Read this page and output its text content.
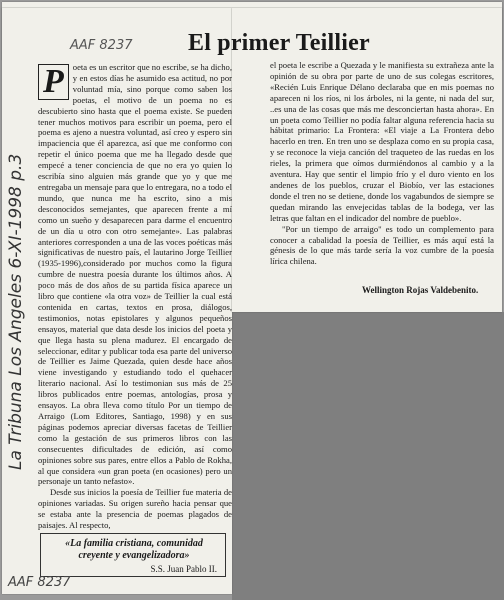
AAF 8237 El primer Teillier
P	oeta es un escritor que no escribe, se ha dicho, y en estos días he asumido esa actitud, no por voluntad mía, sino porque como saben los poetas, el motivo de un poema no es descubierto sino hasta que el poema existe. Se pueden tener muchos motivos para escribir un poema, pero el poema es ajeno a nuestra voluntad, así creo y espero sin impaciencia que él aparezca, así que me conformo con repetir el único poema que me ha llegado desde que empecé a tener conciencia de que no era yo quien lo escribía sino alguien más grande que yo y que me entregaba un mensaje para que lo entregara, no a todo el mundo, que nunca me ha escrito, sino a mis desconocidos semejantes, que aparecen frente a mí como un sueño y desaparecen para darme el encuentro de un día u otro con otro semejante». Las palabras anteriores corresponden a una de las voces poéticas más significativas de nuestro país, el lautarino Jorge Teillier (1935-1996),considerado por muchos como la figura cumbre de nuestra poesía durante los últimos años. A poco más de dos años de su partida física aparece un libro que contiene «la otra voz» de Teillier la cual está contenida en cartas, textos en prosa, diálogos, testimonios, notas epistolares y algunos pequeños ensayos, material que data desde los inicios del poeta y que llega hasta su plena madurez. El encargado de seleccionar, editar y publicar toda esa parte del universo de Teillier es Jaime Quezada, quien desde hace años viene investigando y estudiando todo el quehacer literario nacional. Así lo testimonian sus más de 25 libros publicados entre poemas, antologías, prosa y ensayos. La obra lleva como título Por un tiempo de Arraigo (Lom Editores, Santiago, 1998) y en sus páginas podemos apreciar diversas facetas de Teillier como la gestación de sus primeros libros con las consecuentes dificultades de edición, así como opiniones sobre sus pares, entre ellos a Pablo de Rokha, al que considera «un gran poeta (en ocasiones) pero un personaje un tanto nefasto».

Desde sus inicios la poesía de Teillier fue materia de opiniones variadas. Su origen sureño hacia pensar que se estaba ante la presencia de poemas plagados de paisajes. Al respecto,

el poeta le escribe a Quezada y le manifiesta su extrañeza ante la opinión de su obra por parte de uno de sus colegas escritores, «Recién Luis Enrique Délano declaraba que en mis poemas no aparecen ni los ríos, ni los árboles, ni la gente, ni nada del sur, ..es una de las cosas que más me desconciertan hasta ahora». En un poeta como Teillier no podía faltar alguna referencia hacia su hábitat primario: La Frontera: «El viaje a La Frontera debo hacerlo en tren. En tren uno se desplaza como en su propia casa, y se reconoce la vieja canción del traqueteo de las ruedas en los rieles, la primera que oímos durmiéndonos al cambio y a la aventura. Hay que sentir el limpio frío y el duro viento en los andenes de los pueblos, cruzar el Biobío, ver las estaciones donde el tren no se detiene, donde los vagabundos de siempre se quedan mirando las envejecidas tablas de la bodega, ver las letras que faltan en el indicador del nombre de pueblo».

"Por un tiempo de arraigo" es todo un complemento para conocer a cabalidad la poesía de Teillier, es más aquí está la génesis de lo que más tarde sería la voz cumbre de la poesía lírica chilena.

Wellington Rojas Valdebenito.
«La familia cristiana, comunidad creyente y evangelizadora»
S.S. Juan Pablo II.
AAF 8237
